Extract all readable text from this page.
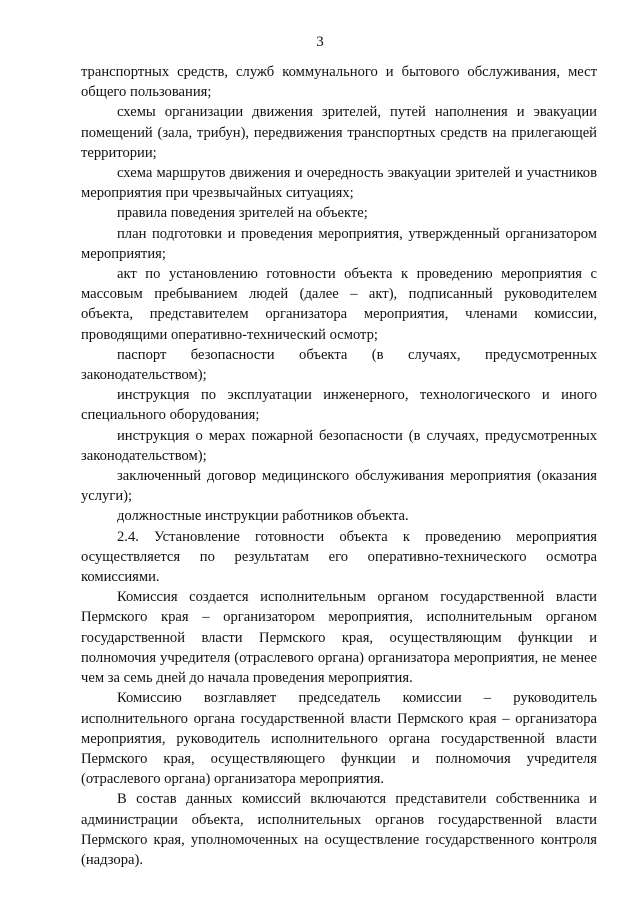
3

транспортных средств, служб коммунального и бытового обслуживания, мест общего пользования;

схемы организации движения зрителей, путей наполнения и эвакуации помещений (зала, трибун), передвижения транспортных средств на прилегающей территории;

схема маршрутов движения и очередность эвакуации зрителей и участников мероприятия при чрезвычайных ситуациях;

правила поведения зрителей на объекте;

план подготовки и проведения мероприятия, утвержденный организатором мероприятия;

акт по установлению готовности объекта к проведению мероприятия с массовым пребыванием людей (далее – акт), подписанный руководителем объекта, представителем организатора мероприятия, членами комиссии, проводящими оперативно-технический осмотр;

паспорт безопасности объекта (в случаях, предусмотренных законодательством);

инструкция по эксплуатации инженерного, технологического и иного специального оборудования;

инструкция о мерах пожарной безопасности (в случаях, предусмотренных законодательством);

заключенный договор медицинского обслуживания мероприятия (оказания услуги);

должностные инструкции работников объекта.

2.4. Установление готовности объекта к проведению мероприятия осуществляется по результатам его оперативно-технического осмотра комиссиями.

Комиссия создается исполнительным органом государственной власти Пермского края – организатором мероприятия, исполнительным органом государственной власти Пермского края, осуществляющим функции и полномочия учредителя (отраслевого органа) организатора мероприятия, не менее чем за семь дней до начала проведения мероприятия.

Комиссию возглавляет председатель комиссии – руководитель исполнительного органа государственной власти Пермского края – организатора мероприятия, руководитель исполнительного органа государственной власти Пермского края, осуществляющего функции и полномочия учредителя (отраслевого органа) организатора мероприятия.

В состав данных комиссий включаются представители собственника и администрации объекта, исполнительных органов государственной власти Пермского края, уполномоченных на осуществление государственного контроля (надзора).
